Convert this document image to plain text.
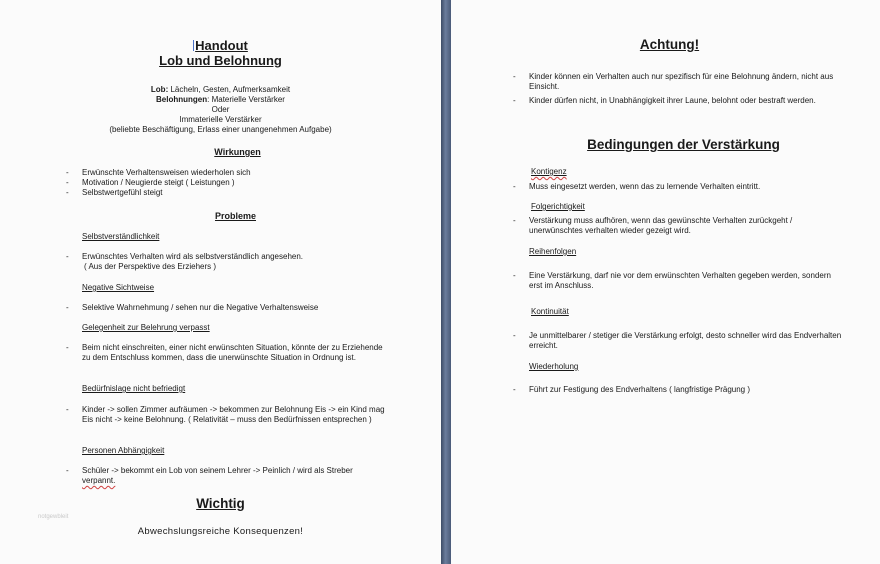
Handout
Lob und Belohnung
Lob: Lächeln, Gesten, Aufmerksamkeit
Belohnungen: Materielle Verstärker
Oder
Immaterielle Verstärker
(beliebte Beschäftigung, Erlass einer unangenehmen Aufgabe)
Wirkungen
- Erwünschte Verhaltensweisen wiederholen sich
- Motivation / Neugierde steigt ( Leistungen )
- Selbstwertgefühl steigt
Probleme
Selbstverständlichkeit
- Erwünschtes Verhalten wird als selbstverständlich angesehen.
( Aus der Perspektive des Erziehers )
Negative Sichtweise
- Selektive Wahrnehmung / sehen nur die Negative Verhaltensweise
Gelegenheit zur Belehrung verpasst
- Beim nicht einschreiten, einer nicht erwünschten Situation, könnte der zu Erziehende zu dem Entschluss kommen, dass die unerwünschte Situation in Ordnung ist.
Bedürfnislage nicht befriedigt
- Kinder -> sollen Zimmer aufräumen -> bekommen zur Belohnung Eis -> ein Kind mag Eis nicht -> keine Belohnung. ( Relativität – muss den Bedürfnissen entsprechen )
Personen Abhängigkeit
- Schüler -> bekommt ein Lob von seinem Lehrer -> Peinlich / wird als Streber
verpannt.
Wichtig
Abwechslungsreiche Konsequenzen!
notgewbleit
Achtung!
- Kinder können ein Verhalten auch nur spezifisch für eine Belohnung ändern, nicht aus Einsicht.
- Kinder dürfen nicht, in Unabhängigkeit ihrer Laune, belohnt oder bestraft werden.
Bedingungen der Verstärkung
Kontigenz
- Muss eingesetzt werden, wenn das zu lernende Verhalten eintritt.
Folgerichtigkeit
- Verstärkung muss aufhören, wenn das gewünschte Verhalten zurückgeht / unerwünschtes verhalten wieder gezeigt wird.
Reihenfolgen
- Eine Verstärkung, darf nie vor dem erwünschten Verhalten gegeben werden, sondern erst im Anschluss.
Kontinuität
- Je unmittelbarer / stetiger die Verstärkung erfolgt, desto schneller wird das Endverhalten erreicht.
Wiederholung
- Führt zur Festigung des Endverhaltens ( langfristige Prägung )
